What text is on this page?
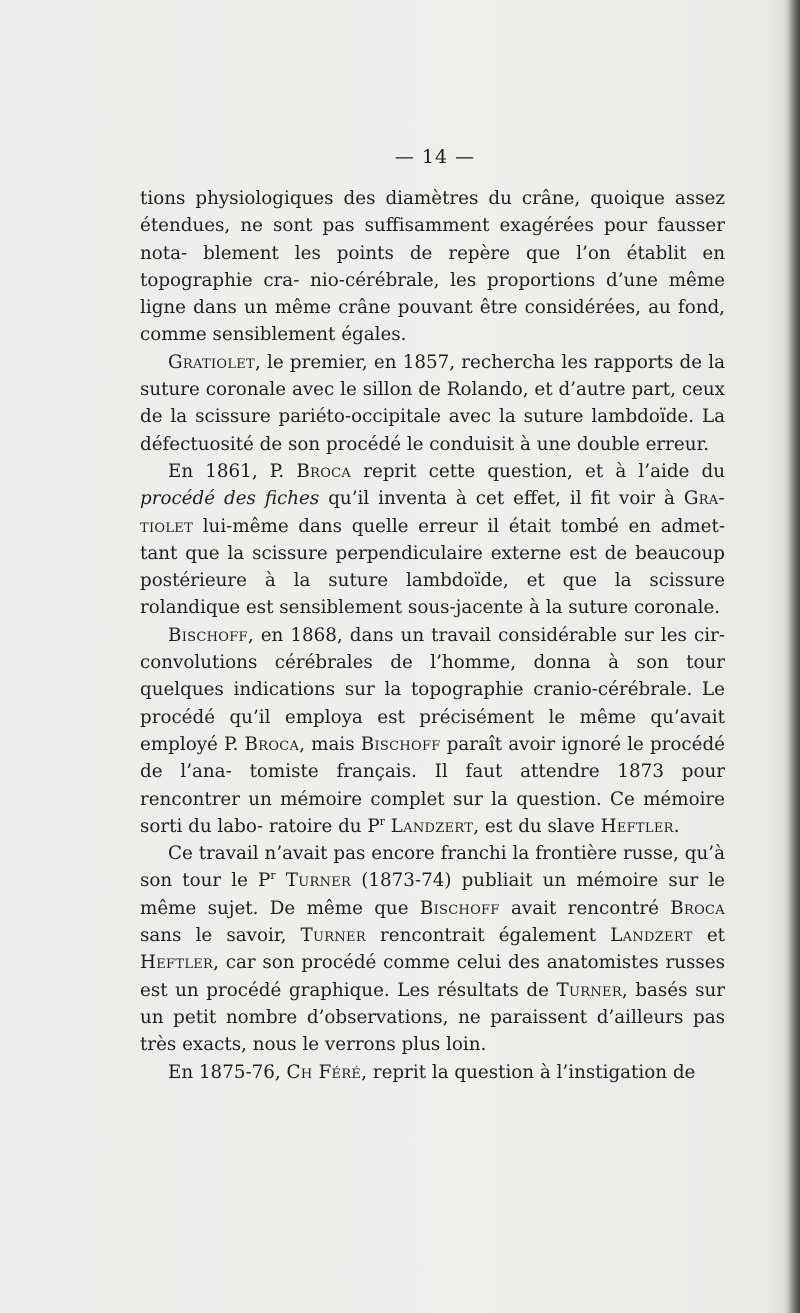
— 14 —

tions physiologiques des diamètres du crâne, quoique assez étendues, ne sont pas suffisamment exagérées pour fausser nota- blement les points de repère que l’on établit en topographie cra- nio-cérébrale, les proportions d’une même ligne dans un même crâne pouvant être considérées, au fond, comme sensiblement égales.

Gratiolet, le premier, en 1857, rechercha les rapports de la suture coronale avec le sillon de Rolando, et d’autre part, ceux de la scissure pariéto-occipitale avec la suture lambdoïde. La défectuosité de son procédé le conduisit à une double erreur.

En 1861, P. Broca reprit cette question, et à l’aide du procédé des fiches qu’il inventa à cet effet, il fit voir à Gra- tiolet lui-même dans quelle erreur il était tombé en admet- tant que la scissure perpendiculaire externe est de beaucoup postérieure à la suture lambdoïde, et que la scissure rolandique est sensiblement sous-jacente à la suture coronale.

Bischoff, en 1868, dans un travail considérable sur les cir- convolutions cérébrales de l’homme, donna à son tour quelques indications sur la topographie cranio-cérébrale. Le procédé qu’il employa est précisément le même qu’avait employé P. Broca, mais Bischoff paraît avoir ignoré le procédé de l’ana- tomiste français. Il faut attendre 1873 pour rencontrer un mémoire complet sur la question. Ce mémoire sorti du labo- ratoire du $P^r$ Landzert, est du slave Heftler.

Ce travail n’avait pas encore franchi la frontière russe, qu’à son tour le $P^r$ Turner (1873-74) publiait un mémoire sur le même sujet. De même que Bischoff avait rencontré Broca sans le savoir, Turner rencontrait également Landzert et Heftler, car son procédé comme celui des anatomistes russes est un procédé graphique. Les résultats de Turner, basés sur un petit nombre d’observations, ne paraissent d’ailleurs pas très exacts, nous le verrons plus loin.

En 1875-76, Ch Féré, reprit la question à l’instigation de
